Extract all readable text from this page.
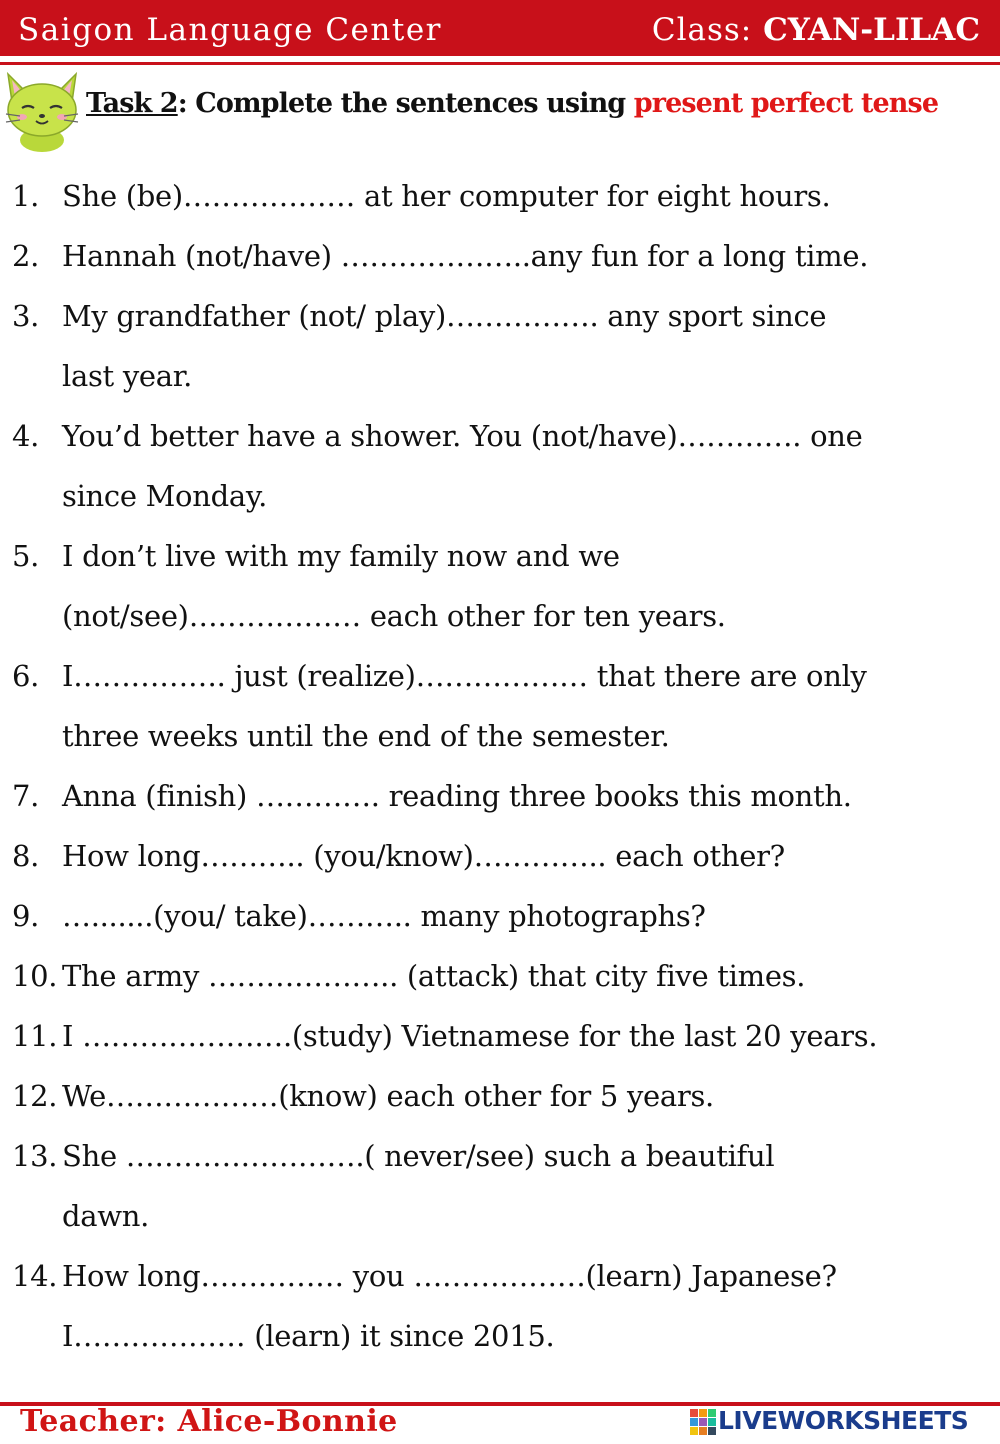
Saigon Language Center	Class: CYAN-LILAC
Task 2: Complete the sentences using present perfect tense
1. She (be)……………… at her computer for eight hours.
2. Hannah (not/have) ………………..any fun for a long time.
3. My grandfather (not/ play)……………. any sport since
last year.
4. You’d better have a shower. You (not/have)…………. one
since Monday.
5. I don’t live with my family now and we
(not/see)……………… each other for ten years.
6. I……………. just (realize)……………… that there are only
three weeks until the end of the semester.
7. Anna (finish) …………. reading three books this month.
8. How long……….. (you/know)………….. each other?
9. ….......(you/ take)……….. many photographs?
10. The army ……………….. (attack) that city five times.
11. I ………………….(study) Vietnamese for the last 20 years.
12. We………………(know) each other for 5 years.
13. She …………………….( never/see) such a beautiful
dawn.
14. How long…………… you ………………(learn) Japanese?
I……………… (learn) it since 2015.
Teacher: Alice-Bonnie	LIVEWORKSHEETS
